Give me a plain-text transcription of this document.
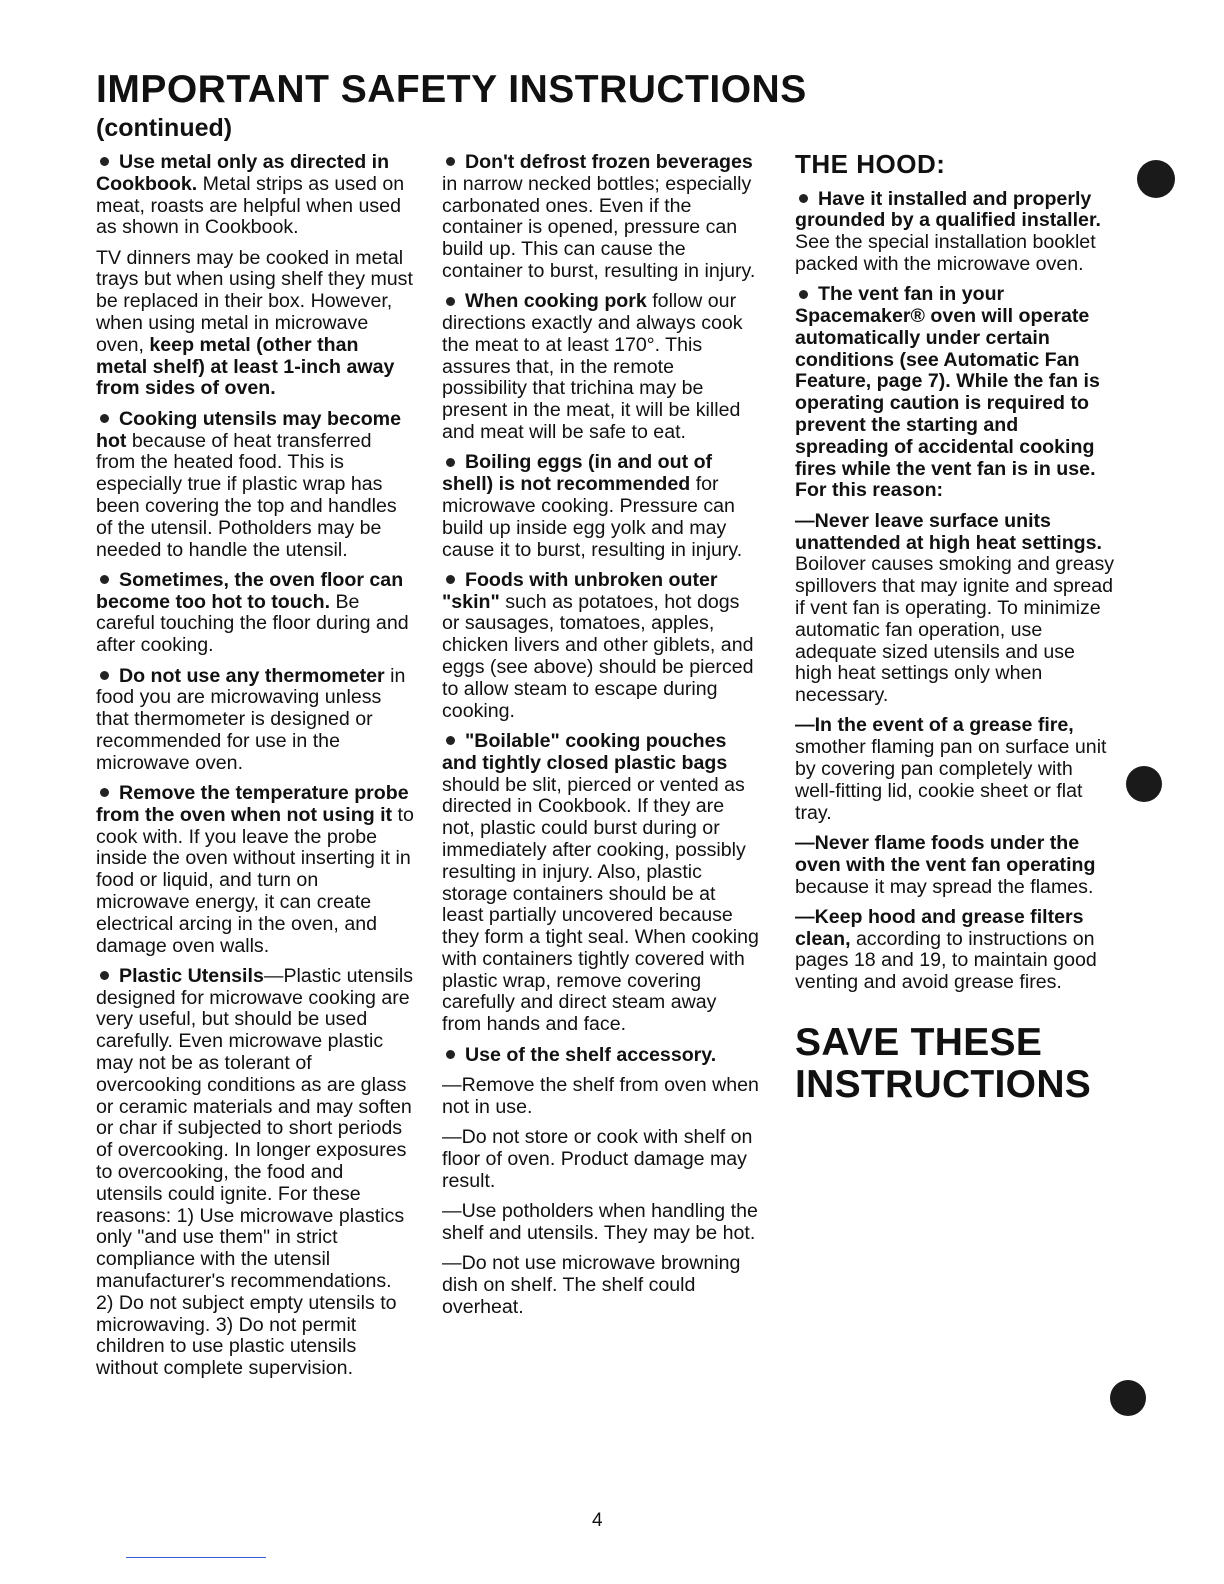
IMPORTANT SAFETY INSTRUCTIONS
(continued)

Use metal only as directed in Cookbook. Metal strips as used on meat, roasts are helpful when used as shown in Cookbook.

TV dinners may be cooked in metal trays but when using shelf they must be replaced in their box. However, when using metal in microwave oven, keep metal (other than metal shelf) at least 1-inch away from sides of oven.

Cooking utensils may become hot because of heat transferred from the heated food. This is especially true if plastic wrap has been covering the top and handles of the utensil. Potholders may be needed to handle the utensil.

Sometimes, the oven floor can become too hot to touch. Be careful touching the floor during and after cooking.

Do not use any thermometer in food you are microwaving unless that thermometer is designed or recommended for use in the microwave oven.

Remove the temperature probe from the oven when not using it to cook with. If you leave the probe inside the oven without inserting it in food or liquid, and turn on microwave energy, it can create electrical arcing in the oven, and damage oven walls.

Plastic Utensils—Plastic utensils designed for microwave cooking are very useful, but should be used carefully. Even microwave plastic may not be as tolerant of overcooking conditions as are glass or ceramic materials and may soften or char if subjected to short periods of overcooking. In longer exposures to overcooking, the food and utensils could ignite. For these reasons: 1) Use microwave plastics only "and use them" in strict compliance with the utensil manufacturer's recommendations. 2) Do not subject empty utensils to microwaving. 3) Do not permit children to use plastic utensils without complete supervision.

Don't defrost frozen beverages in narrow necked bottles; especially carbonated ones. Even if the container is opened, pressure can build up. This can cause the container to burst, resulting in injury.

When cooking pork follow our directions exactly and always cook the meat to at least 170°. This assures that, in the remote possibility that trichina may be present in the meat, it will be killed and meat will be safe to eat.

Boiling eggs (in and out of shell) is not recommended for microwave cooking. Pressure can build up inside egg yolk and may cause it to burst, resulting in injury.

Foods with unbroken outer "skin" such as potatoes, hot dogs or sausages, tomatoes, apples, chicken livers and other giblets, and eggs (see above) should be pierced to allow steam to escape during cooking.

"Boilable" cooking pouches and tightly closed plastic bags should be slit, pierced or vented as directed in Cookbook. If they are not, plastic could burst during or immediately after cooking, possibly resulting in injury. Also, plastic storage containers should be at least partially uncovered because they form a tight seal. When cooking with containers tightly covered with plastic wrap, remove covering carefully and direct steam away from hands and face.

Use of the shelf accessory.

—Remove the shelf from oven when not in use.

—Do not store or cook with shelf on floor of oven. Product damage may result.

—Use potholders when handling the shelf and utensils. They may be hot.

—Do not use microwave browning dish on shelf. The shelf could overheat.

THE HOOD:

Have it installed and properly grounded by a qualified installer. See the special installation booklet packed with the microwave oven.

The vent fan in your Spacemaker® oven will operate automatically under certain conditions (see Automatic Fan Feature, page 7). While the fan is operating caution is required to prevent the starting and spreading of accidental cooking fires while the vent fan is in use. For this reason:

—Never leave surface units unattended at high heat settings. Boilover causes smoking and greasy spillovers that may ignite and spread if vent fan is operating. To minimize automatic fan operation, use adequate sized utensils and use high heat settings only when necessary.

—In the event of a grease fire, smother flaming pan on surface unit by covering pan completely with well-fitting lid, cookie sheet or flat tray.

—Never flame foods under the oven with the vent fan operating because it may spread the flames.

—Keep hood and grease filters clean, according to instructions on pages 18 and 19, to maintain good venting and avoid grease fires.

SAVE THESE
INSTRUCTIONS
4
